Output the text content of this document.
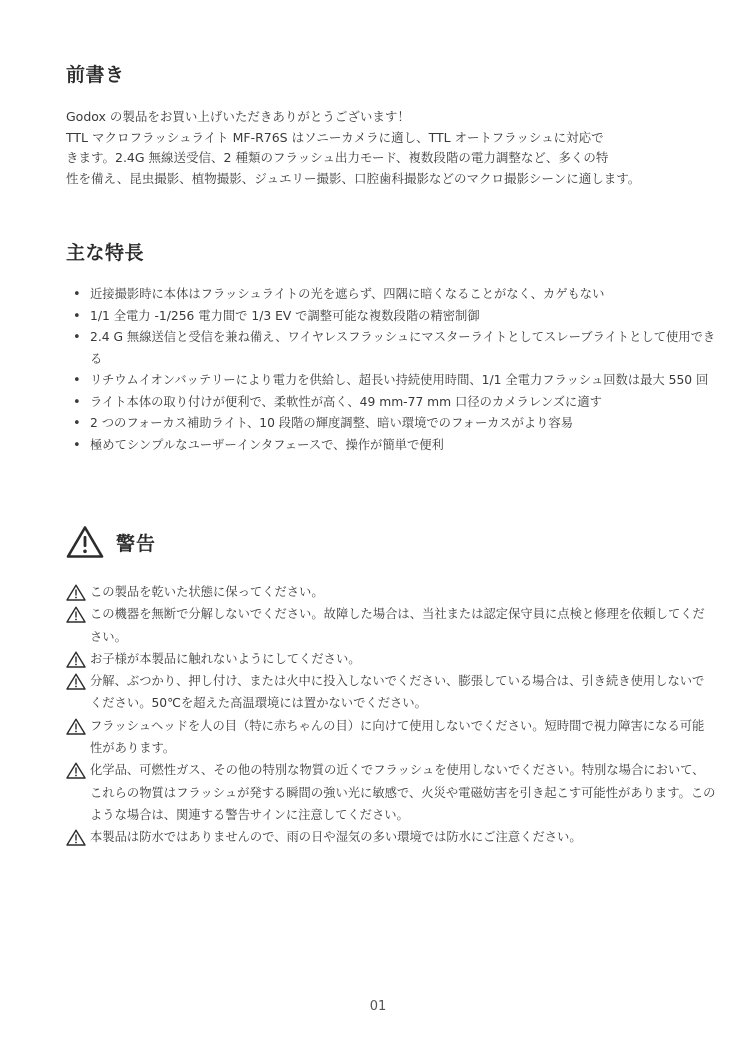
前書き

Godox の製品をお買い上げいただきありがとうございます！

TTL マクロフラッシュライト MF-R76S はソニーカメラに適し、TTL オートフラッシュに対応で

きます。2.4G 無線送受信、2 種類のフラッシュ出力モード、複数段階の電力調整など、多くの特

性を備え、昆虫撮影、植物撮影、ジュエリー撮影、口腔歯科撮影などのマクロ撮影シーンに適します。

主な特長
• 近接撮影時に本体はフラッシュライトの光を遮らず、四隅に暗くなることがなく、カゲもない
• 1/1 全電力 -1/256 電力間で 1/3 EV で調整可能な複数段階の精密制御
• 2.4 G 無線送信と受信を兼ね備え、ワイヤレスフラッシュにマスターライトとしてスレーブライトとして使用できる
• リチウムイオンバッテリーにより電力を供給し、超長い持続使用時間、1/1 全電力フラッシュ回数は最大 550 回
• ライト本体の取り付けが便利で、柔軟性が高く、49 mm-77 mm 口径のカメラレンズに適す
• 2 つのフォーカス補助ライト、10 段階の輝度調整、暗い環境でのフォーカスがより容易
• 極めてシンプルなユーザーインタフェースで、操作が簡単で便利
警告
この製品を乾いた状態に保ってください。
この機器を無断で分解しないでください。故障した場合は、当社または認定保守員に点検と修理を依頼してください。
お子様が本製品に触れないようにしてください。
分解、ぶつかり、押し付け、または火中に投入しないでください、膨張している場合は、引き続き使用しないでください。50℃を超えた高温環境には置かないでください。
フラッシュヘッドを人の目（特に赤ちゃんの目）に向けて使用しないでください。短時間で視力障害になる可能性があります。
化学品、可燃性ガス、その他の特別な物質の近くでフラッシュを使用しないでください。特別な場合において、これらの物質はフラッシュが発する瞬間の強い光に敏感で、火災や電磁妨害を引き起こす可能性があります。このような場合は、関連する警告サインに注意してください。
本製品は防水ではありませんので、雨の日や湿気の多い環境では防水にご注意ください。
01
